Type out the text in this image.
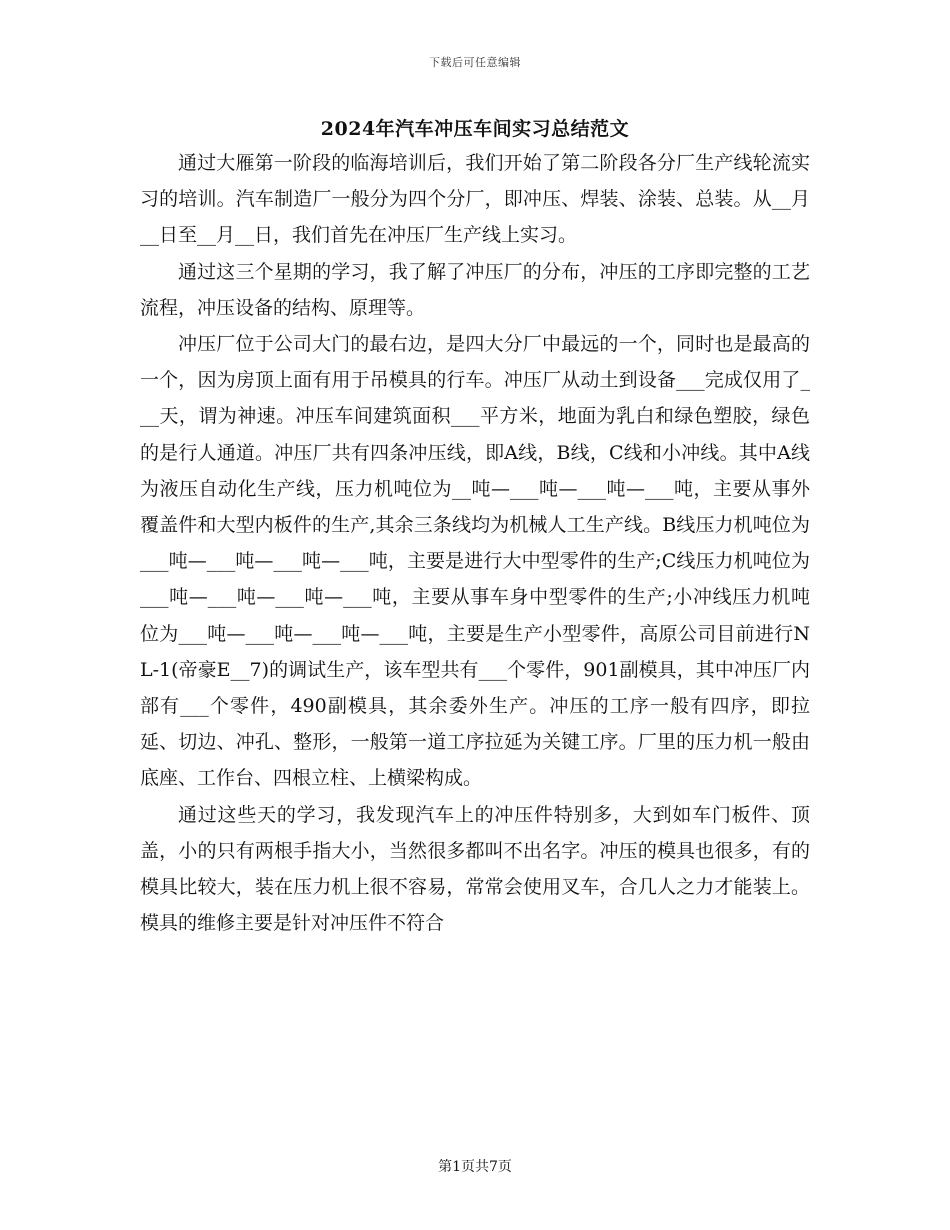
下载后可任意编辑
2024年汽车冲压车间实习总结范文

通过大雁第一阶段的临海培训后，我们开始了第二阶段各分厂生产线轮流实习的培训。汽车制造厂一般分为四个分厂，即冲压、焊装、涂装、总装。从__月__日至__月__日，我们首先在冲压厂生产线上实习。

通过这三个星期的学习，我了解了冲压厂的分布，冲压的工序即完整的工艺流程，冲压设备的结构、原理等。

冲压厂位于公司大门的最右边，是四大分厂中最远的一个，同时也是最高的一个，因为房顶上面有用于吊模具的行车。冲压厂从动土到设备___完成仅用了___天，谓为神速。冲压车间建筑面积___平方米，地面为乳白和绿色塑胶，绿色的是行人通道。冲压厂共有四条冲压线，即A线，B线，C线和小冲线。其中A线为液压自动化生产线，压力机吨位为__吨—___吨—___吨—___吨，主要从事外覆盖件和大型内板件的生产,其余三条线均为机械人工生产线。B线压力机吨位为___吨—___吨—___吨—___吨，主要是进行大中型零件的生产;C线压力机吨位为___吨—___吨—___吨—___吨，主要从事车身中型零件的生产;小冲线压力机吨位为___吨—___吨—___吨—___吨，主要是生产小型零件，高原公司目前进行NL-1(帝豪E__7)的调试生产，该车型共有___个零件，901副模具，其中冲压厂内部有___个零件，490副模具，其余委外生产。冲压的工序一般有四序，即拉延、切边、冲孔、整形，一般第一道工序拉延为关键工序。厂里的压力机一般由底座、工作台、四根立柱、上横梁构成。

通过这些天的学习，我发现汽车上的冲压件特别多，大到如车门板件、顶盖，小的只有两根手指大小，当然很多都叫不出名字。冲压的模具也很多，有的模具比较大，装在压力机上很不容易，常常会使用叉车，合几人之力才能装上。模具的维修主要是针对冲压件不符合

第1页共7页
